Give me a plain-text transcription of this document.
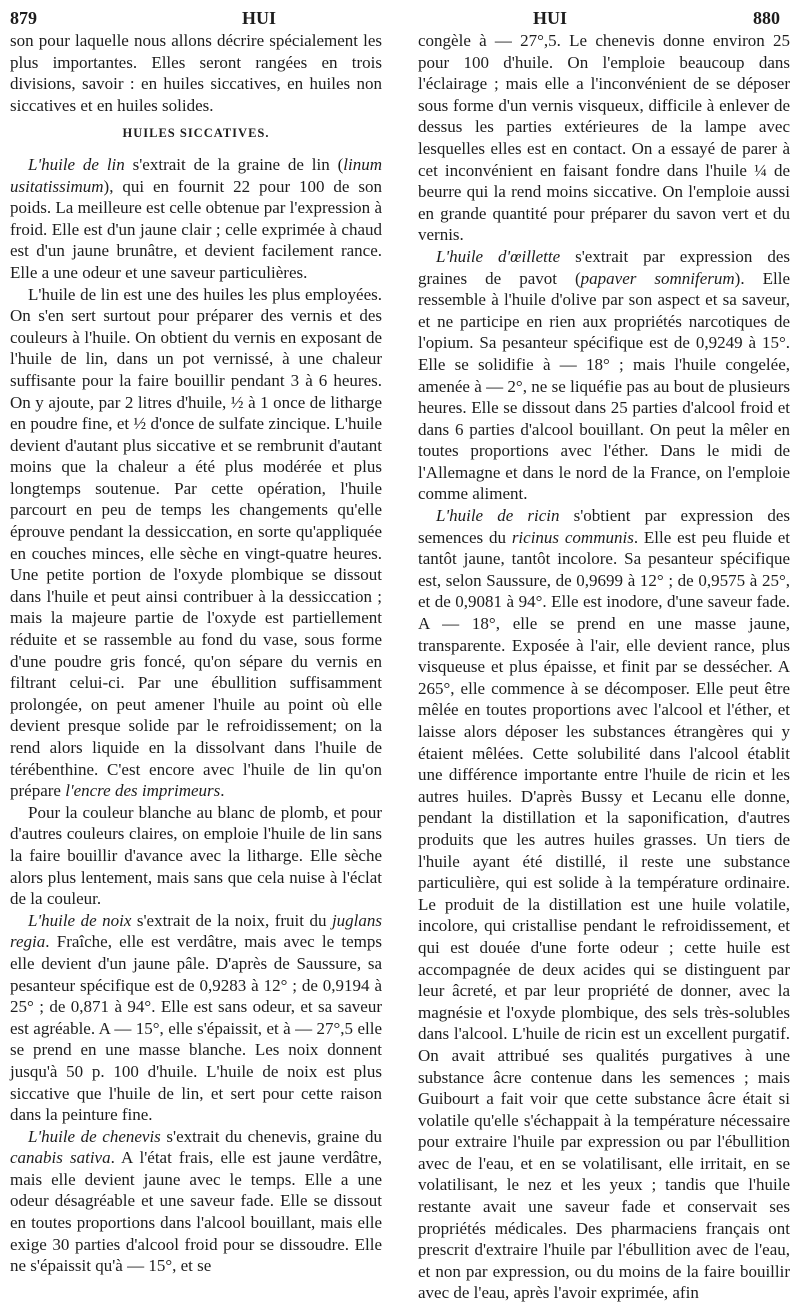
879	HUI	HUI	880

son pour laquelle nous allons décrire spécialement les plus importantes. Elles seront rangées en trois divisions, savoir : en huiles siccatives, en huiles non siccatives et en huiles solides.

HUILES SICCATIVES.

L'huile de lin s'extrait de la graine de lin (linum usitatissimum), qui en fournit 22 pour 100 de son poids. La meilleure est celle obtenue par l'expression à froid. Elle est d'un jaune clair ; celle exprimée à chaud est d'un jaune brunâtre, et devient facilement rance. Elle a une odeur et une saveur particulières.

L'huile de lin est une des huiles les plus employées. On s'en sert surtout pour préparer des vernis et des couleurs à l'huile. On obtient du vernis en exposant de l'huile de lin, dans un pot vernissé, à une chaleur suffisante pour la faire bouillir pendant 3 à 6 heures. On y ajoute, par 2 litres d'huile, ½ à 1 once de litharge en poudre fine, et ½ d'once de sulfate zincique. L'huile devient d'autant plus siccative et se rembrunit d'autant moins que la chaleur a été plus modérée et plus longtemps soutenue. Par cette opération, l'huile parcourt en peu de temps les changements qu'elle éprouve pendant la dessiccation, en sorte qu'appliquée en couches minces, elle sèche en vingt-quatre heures. Une petite portion de l'oxyde plombique se dissout dans l'huile et peut ainsi contribuer à la dessiccation ; mais la majeure partie de l'oxyde est partiellement réduite et se rassemble au fond du vase, sous forme d'une poudre gris foncé, qu'on sépare du vernis en filtrant celui-ci. Par une ébullition suffisamment prolongée, on peut amener l'huile au point où elle devient presque solide par le refroidissement; on la rend alors liquide en la dissolvant dans l'huile de térébenthine. C'est encore avec l'huile de lin qu'on prépare l'encre des imprimeurs.

Pour la couleur blanche au blanc de plomb, et pour d'autres couleurs claires, on emploie l'huile de lin sans la faire bouillir d'avance avec la litharge. Elle sèche alors plus lentement, mais sans que cela nuise à l'éclat de la couleur.

L'huile de noix s'extrait de la noix, fruit du juglans regia. Fraîche, elle est verdâtre, mais avec le temps elle devient d'un jaune pâle. D'après de Saussure, sa pesanteur spécifique est de 0,9283 à 12° ; de 0,9194 à 25° ; de 0,871 à 94°. Elle est sans odeur, et sa saveur est agréable. A — 15°, elle s'épaissit, et à — 27°,5 elle se prend en une masse blanche. Les noix donnent jusqu'à 50 p. 100 d'huile. L'huile de noix est plus siccative que l'huile de lin, et sert pour cette raison dans la peinture fine.

L'huile de chenevis s'extrait du chenevis, graine du canabis sativa. A l'état frais, elle est jaune verdâtre, mais elle devient jaune avec le temps. Elle a une odeur désagréable et une saveur fade. Elle se dissout en toutes proportions dans l'alcool bouillant, mais elle exige 30 parties d'alcool froid pour se dissoudre. Elle ne s'épaissit qu'à — 15°, et se

congèle à — 27°,5. Le chenevis donne environ 25 pour 100 d'huile. On l'emploie beaucoup dans l'éclairage ; mais elle a l'inconvénient de se déposer sous forme d'un vernis visqueux, difficile à enlever de dessus les parties extérieures de la lampe avec lesquelles elles est en contact. On a essayé de parer à cet inconvénient en faisant fondre dans l'huile ¼ de beurre qui la rend moins siccative. On l'emploie aussi en grande quantité pour préparer du savon vert et du vernis.

L'huile d'œillette s'extrait par expression des graines de pavot (papaver somniferum). Elle ressemble à l'huile d'olive par son aspect et sa saveur, et ne participe en rien aux propriétés narcotiques de l'opium. Sa pesanteur spécifique est de 0,9249 à 15°. Elle se solidifie à — 18° ; mais l'huile congelée, amenée à — 2°, ne se liquéfie pas au bout de plusieurs heures. Elle se dissout dans 25 parties d'alcool froid et dans 6 parties d'alcool bouillant. On peut la mêler en toutes proportions avec l'éther. Dans le midi de l'Allemagne et dans le nord de la France, on l'emploie comme aliment.

L'huile de ricin s'obtient par expression des semences du ricinus communis. Elle est peu fluide et tantôt jaune, tantôt incolore. Sa pesanteur spécifique est, selon Saussure, de 0,9699 à 12° ; de 0,9575 à 25°, et de 0,9081 à 94°. Elle est inodore, d'une saveur fade. A — 18°, elle se prend en une masse jaune, transparente. Exposée à l'air, elle devient rance, plus visqueuse et plus épaisse, et finit par se dessécher. A 265°, elle commence à se décomposer. Elle peut être mêlée en toutes proportions avec l'alcool et l'éther, et laisse alors déposer les substances étrangères qui y étaient mêlées. Cette solubilité dans l'alcool établit une différence importante entre l'huile de ricin et les autres huiles. D'après Bussy et Lecanu elle donne, pendant la distillation et la saponification, d'autres produits que les autres huiles grasses. Un tiers de l'huile ayant été distillé, il reste une substance particulière, qui est solide à la température ordinaire. Le produit de la distillation est une huile volatile, incolore, qui cristallise pendant le refroidissement, et qui est douée d'une forte odeur ; cette huile est accompagnée de deux acides qui se distinguent par leur âcreté, et par leur propriété de donner, avec la magnésie et l'oxyde plombique, des sels très-solubles dans l'alcool. L'huile de ricin est un excellent purgatif. On avait attribué ses qualités purgatives à une substance âcre contenue dans les semences ; mais Guibourt a fait voir que cette substance âcre était si volatile qu'elle s'échappait à la température nécessaire pour extraire l'huile par expression ou par l'ébullition avec de l'eau, et en se volatilisant, elle irritait, en se volatilisant, le nez et les yeux ; tandis que l'huile restante avait une saveur fade et conservait ses propriétés médicales. Des pharmaciens français ont prescrit d'extraire l'huile par l'ébullition avec de l'eau, et non par expression, ou du moins de la faire bouillir avec de l'eau, après l'avoir exprimée, afin
